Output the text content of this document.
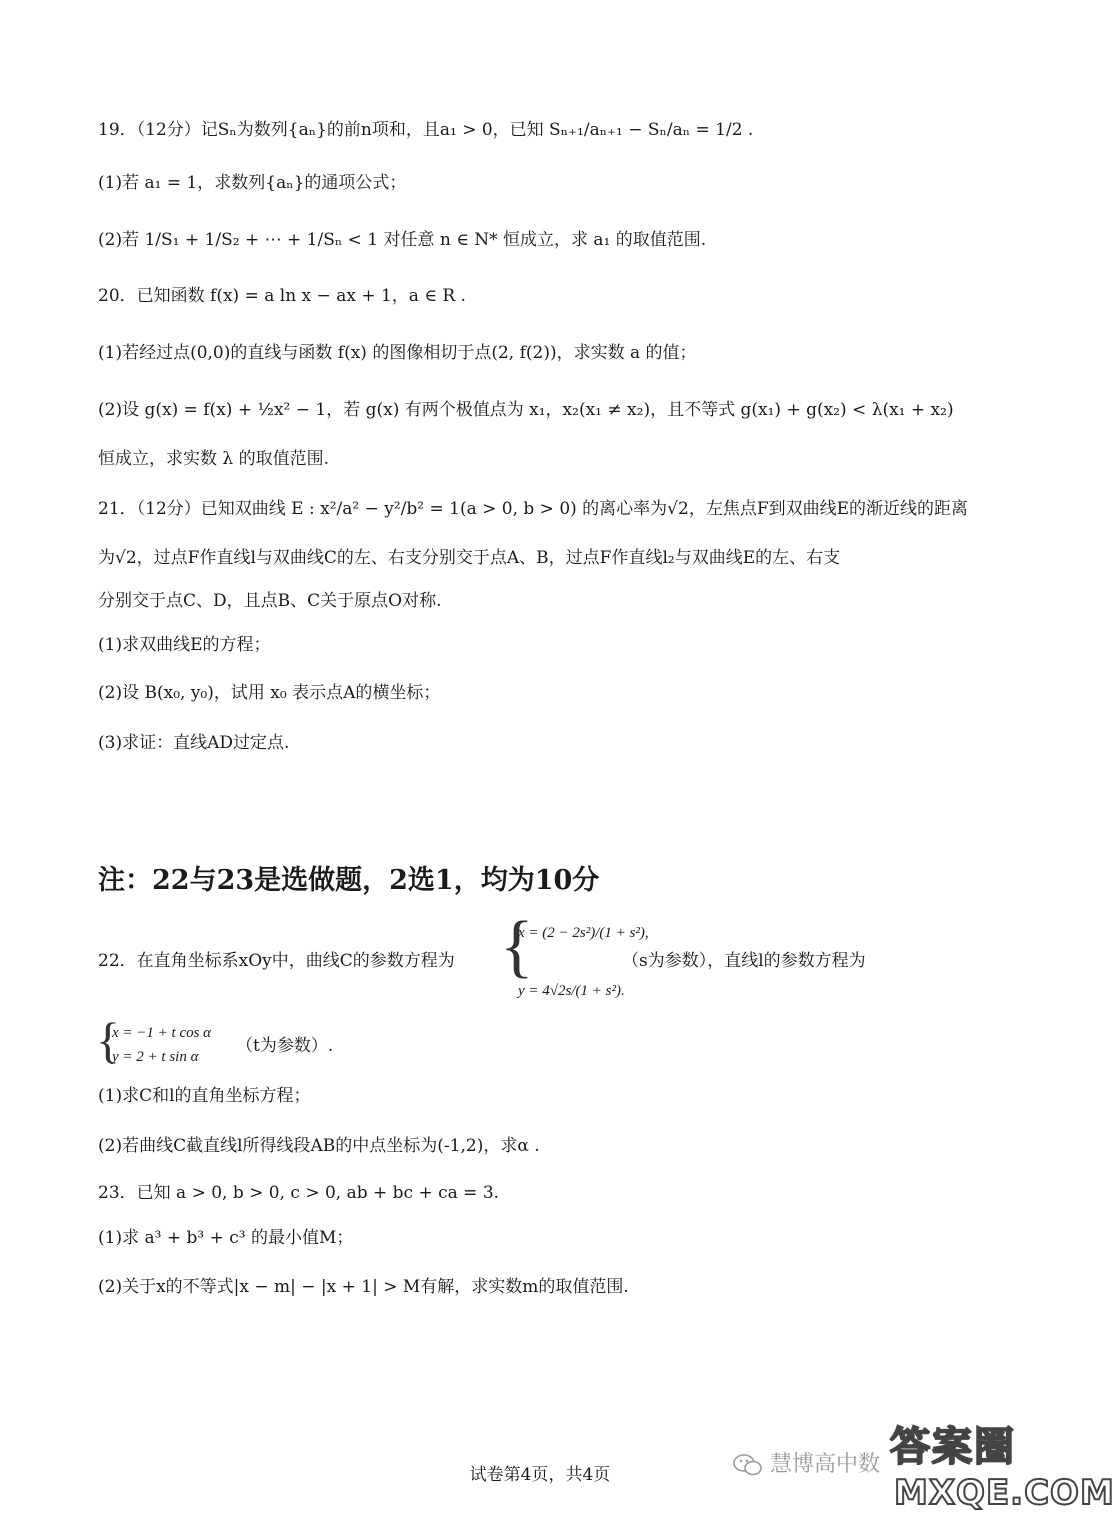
19．（12分）记Sₙ为数列{aₙ}的前n项和，且a₁ > 0，已知 Sₙ₊₁/aₙ₊₁ − Sₙ/aₙ = 1/2 .
(1)若 a₁ = 1，求数列{aₙ}的通项公式；
(2)若 1/S₁ + 1/S₂ + ⋯ + 1/Sₙ < 1 对任意 n ∈ N* 恒成立，求 a₁ 的取值范围.
20．已知函数 f(x) = a ln x − ax + 1，a ∈ R .
(1)若经过点(0,0)的直线与函数 f(x) 的图像相切于点(2, f(2))，求实数 a 的值；
(2)设 g(x) = f(x) + ½x² − 1，若 g(x) 有两个极值点为 x₁，x₂(x₁ ≠ x₂)，且不等式 g(x₁) + g(x₂) < λ(x₁ + x₂)
恒成立，求实数 λ 的取值范围.
21．（12分）已知双曲线 E : x²/a² − y²/b² = 1(a > 0, b > 0) 的离心率为√2，左焦点F到双曲线E的渐近线的距离
为√2，过点F作直线l与双曲线C的左、右支分别交于点A、B，过点F作直线l₂与双曲线E的左、右支
分别交于点C、D，且点B、C关于原点O对称.
(1)求双曲线E的方程；
(2)设 B(x₀, y₀)，试用 x₀ 表示点A的横坐标；
(3)求证：直线AD过定点.
注：22与23是选做题，2选1，均为10分
22．在直角坐标系xOy中，曲线C的参数方程为 {
x = (2 − 2s²)/(1 + s²),
y = 4√2s/(1 + s²).
（s为参数），直线l的参数方程为
{
x = −1 + t cos α
y = 2 + t sin α
（t为参数）.
(1)求C和l的直角坐标方程；
(2)若曲线C截直线l所得线段AB的中点坐标为(-1,2)，求α .
23．已知 a > 0, b > 0, c > 0, ab + bc + ca = 3.
(1)求 a³ + b³ + c³ 的最小值M；
(2)关于x的不等式|x − m| − |x + 1| > M有解，求实数m的取值范围.
试卷第4页，共4页	慧博高中数 答案圈
MXQE.COM
